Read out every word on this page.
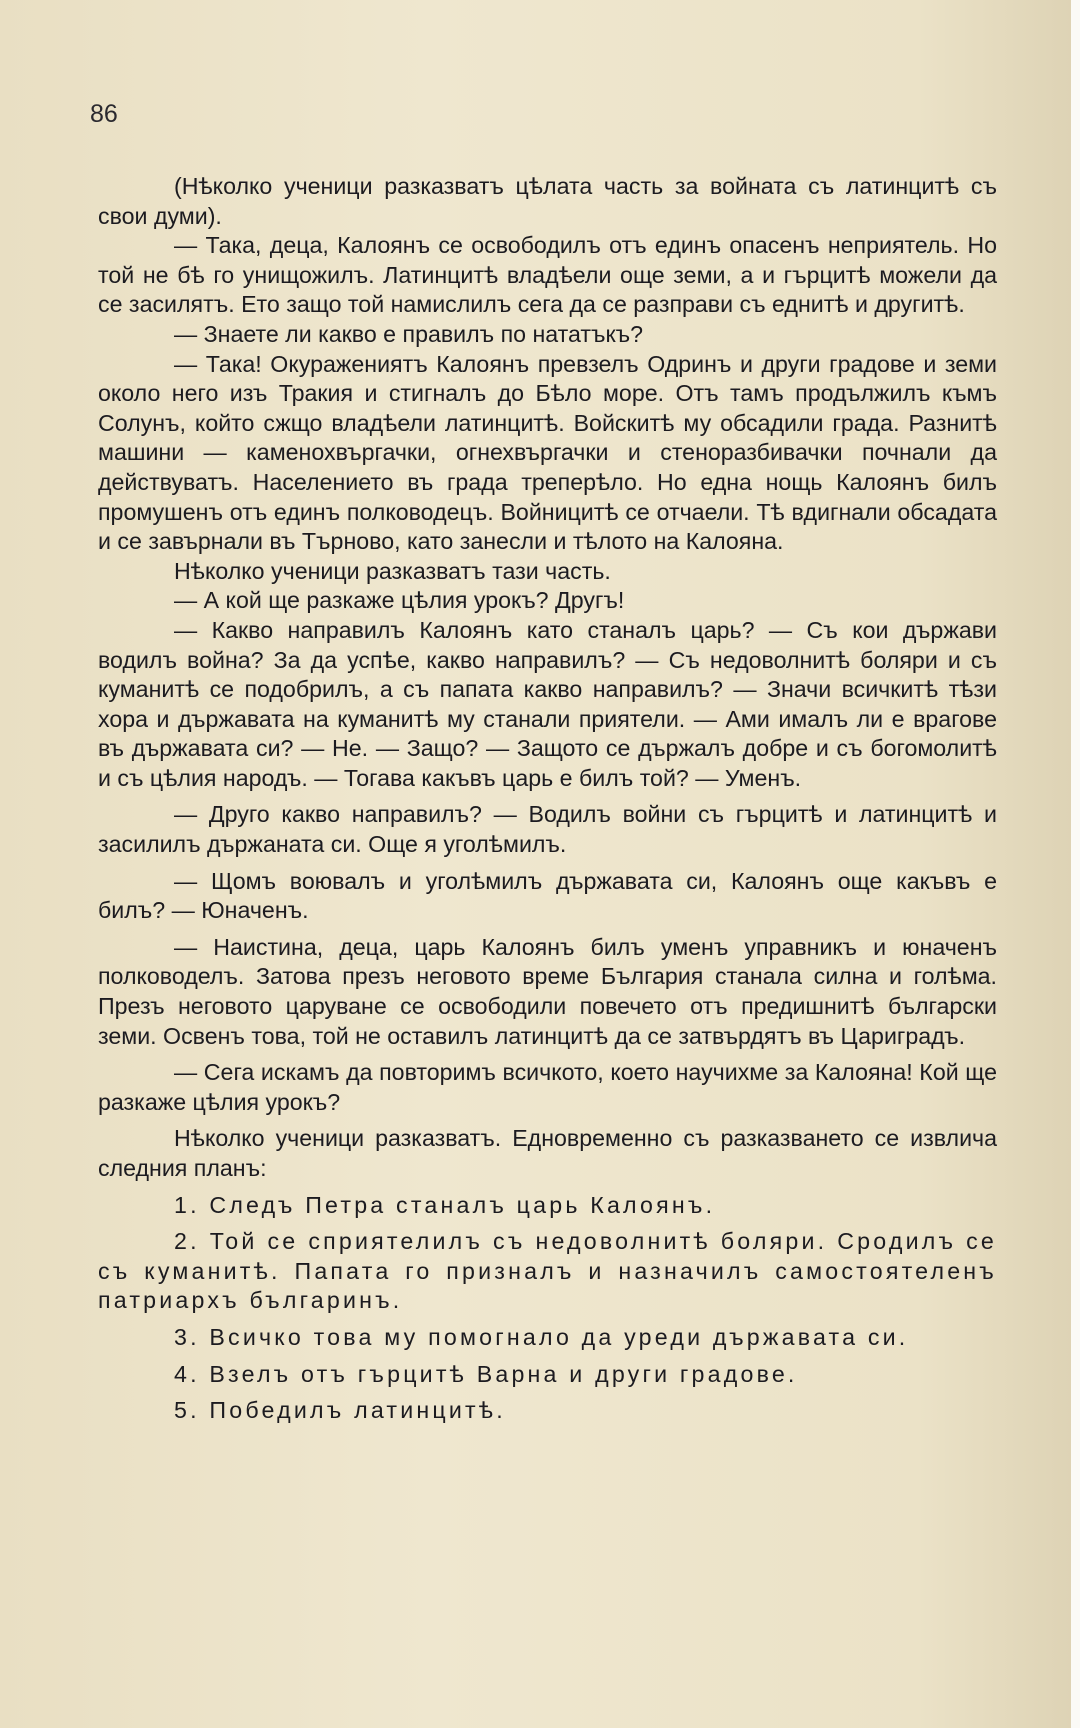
86

(Нѣколко ученици разказватъ цѣлата часть за войната съ латинцитѣ съ свои думи).

— Така, деца, Калоянъ се освободилъ отъ единъ опасенъ неприятель. Но той не бѣ го унищожилъ. Латинцитѣ владѣели още земи, а и гърцитѣ можели да се засилятъ. Ето защо той намислилъ сега да се разправи съ еднитѣ и другитѣ.

— Знаете ли какво е правилъ по нататъкъ?

— Така! Окуражениятъ Калоянъ превзелъ Одринъ и други градове и земи около него изъ Тракия и стигналъ до Бѣло море. Отъ тамъ продължилъ къмъ Солунъ, който сжщо владѣели латинцитѣ. Войскитѣ му обсадили града. Разнитѣ машини — каменохвъргачки, огнехвъргачки и стеноразбивачки почнали да действуватъ. Населението въ града треперѣло. Но една нощь Калоянъ билъ промушенъ отъ единъ полководецъ. Войницитѣ се отчаели. Тѣ вдигнали обсадата и се завърнали въ Търново, като занесли и тѣлото на Калояна.

Нѣколко ученици разказватъ тази часть.

— А кой ще разкаже цѣлия урокъ? Другъ!

— Какво направилъ Калоянъ като станалъ царь? — Съ кои държави водилъ война? За да успѣе, какво направилъ? — Съ недоволнитѣ боляри и съ куманитѣ се подобрилъ, а съ папата какво направилъ? — Значи всичкитѣ тѣзи хора и държавата на куманитѣ му станали приятели. — Ами ималъ ли е врагове въ държавата си? — Не. — Защо? — Защото се държалъ добре и съ богомолитѣ и съ цѣлия народъ. — Тогава какъвъ царь е билъ той? — Уменъ.

— Друго какво направилъ? — Водилъ войни съ гърцитѣ и латинцитѣ и засилилъ държаната си. Още я уголѣмилъ.

— Щомъ воювалъ и уголѣмилъ държавата си, Калоянъ още какъвъ е билъ? — Юначенъ.

— Наистина, деца, царь Калоянъ билъ уменъ управникъ и юначенъ полководелъ. Затова презъ неговото време България станала силна и голѣма. Презъ неговото царуване се освободили повечето отъ предишнитѣ български земи. Освенъ това, той не оставилъ латинцитѣ да се затвърдятъ въ Цариградъ.

— Сега искамъ да повторимъ всичкото, което научихме за Калояна! Кой ще разкаже цѣлия урокъ?

Нѣколко ученици разказватъ. Едновременно съ разказването се извлича следния планъ:

1. Следъ Петра станалъ царь Калоянъ.

2. Той се сприятелилъ съ недоволнитѣ боляри. Сродилъ се съ куманитѣ. Папата го призналъ и назначилъ самостоятеленъ патриархъ българинъ.

3. Всичко това му помогнало да уреди държавата си.

4. Взелъ отъ гърцитѣ Варна и други градове.

5. Победилъ латинцитѣ.
